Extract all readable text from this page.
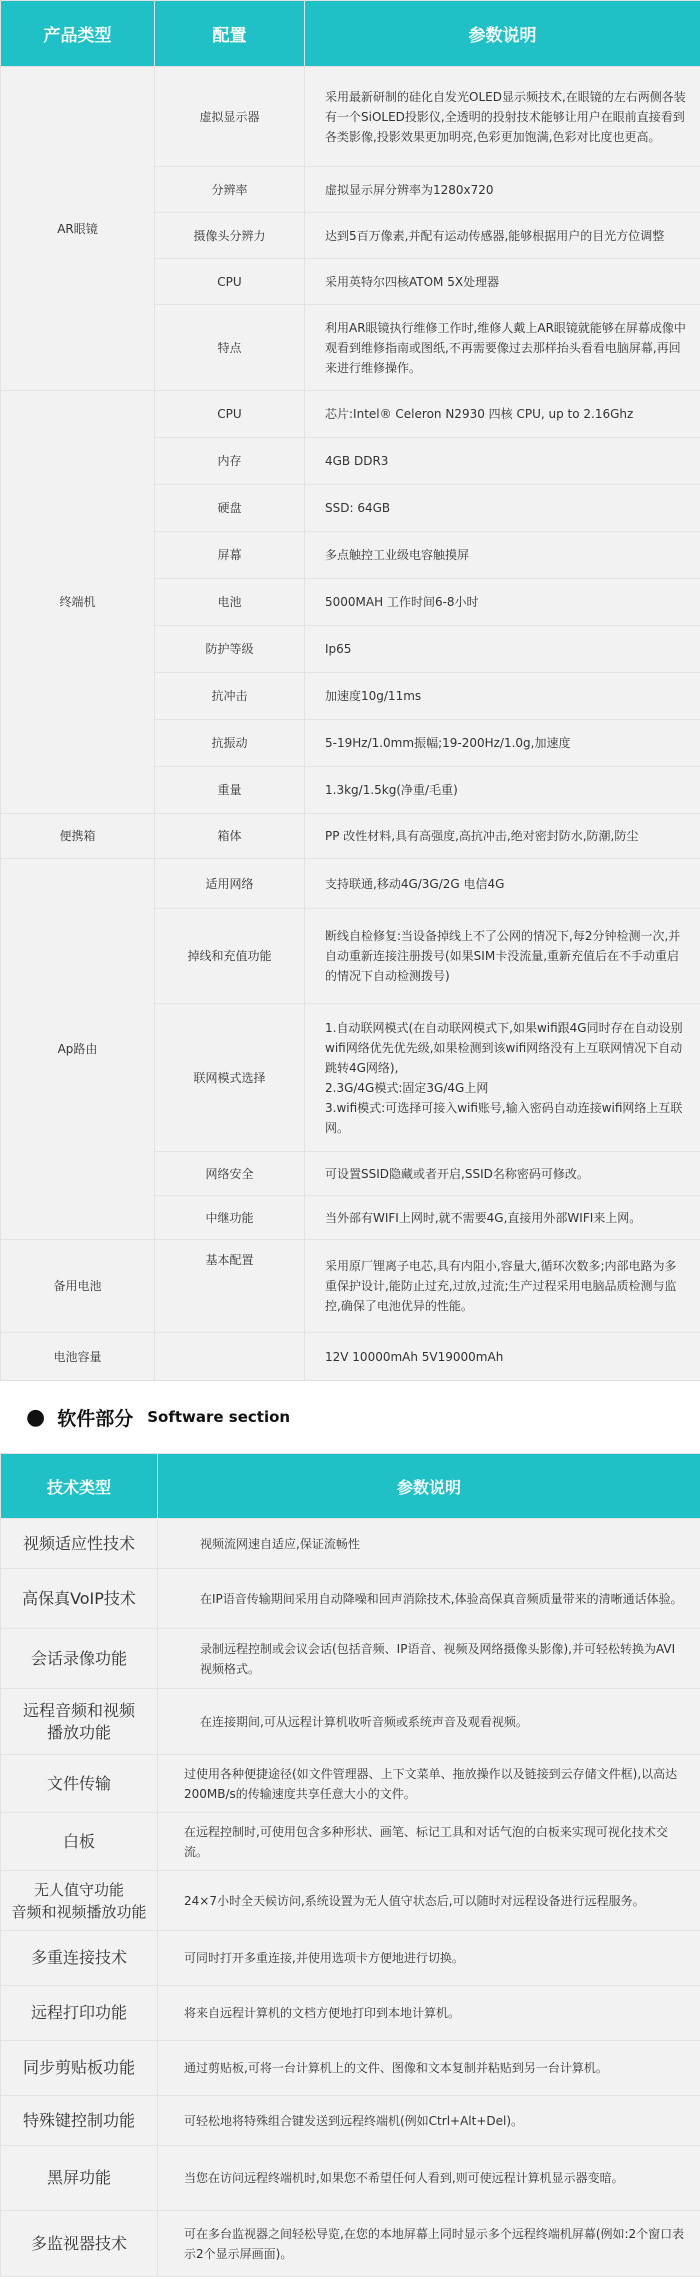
产品类型	配置	参数说明
AR眼镜	虚拟显示器	采用最新研制的硅化自发光OLED显示频技术,在眼镜的左右两侧各装有一个SiOLED投影仪,全透明的投射技术能够让用户在眼前直接看到各类影像,投影效果更加明亮,色彩更加饱满,色彩对比度也更高。
	分辨率	虚拟显示屏分辨率为1280x720
	摄像头分辨力	达到5百万像素,并配有运动传感器,能够根据用户的目光方位调整
	CPU	采用英特尔四核ATOM 5X处理器
	特点	利用AR眼镜执行维修工作时,维修人戴上AR眼镜就能够在屏幕成像中观看到维修指南或图纸,不再需要像过去那样抬头看看电脑屏幕,再回来进行维修操作。
终端机	CPU	芯片:Intel® Celeron N2930 四核 CPU, up to 2.16Ghz
	内存	4GB DDR3
	硬盘	SSD: 64GB
	屏幕	多点触控工业级电容触摸屏
	电池	5000MAH 工作时间6-8小时
	防护等级	Ip65
	抗冲击	加速度10g/11ms
	抗振动	5-19Hz/1.0mm振幅;19-200Hz/1.0g,加速度
	重量	1.3kg/1.5kg(净重/毛重)
便携箱	箱体	PP 改性材料,具有高强度,高抗冲击,绝对密封防水,防潮,防尘
Ap路由	适用网络	支持联通,移动4G/3G/2G 电信4G
	掉线和充值功能	断线自检修复:当设备掉线上不了公网的情况下,每2分钟检测一次,并自动重新连接注册拨号(如果SIM卡没流量,重新充值后在不手动重启的情况下自动检测拨号)
	联网模式选择	1.自动联网模式(在自动联网模式下,如果wifi跟4G同时存在自动设别wifi网络优先优先级,如果检测到该wifi网络没有上互联网情况下自动跳转4G网络),
2.3G/4G模式:固定3G/4G上网
3.wifi模式:可选择可接入wifi账号,输入密码自动连接wifi网络上互联网。
	网络安全	可设置SSID隐藏或者开启,SSID名称密码可修改。
	中继功能	当外部有WIFI上网时,就不需要4G,直接用外部WIFI来上网。
备用电池	基本配置	采用原厂锂离子电芯,具有内阻小,容量大,循环次数多;内部电路为多重保护设计,能防止过充,过放,过流;生产过程采用电脑品质检测与监控,确保了电池优异的性能。
电池容量		12V 10000mAh 5V19000mAh
● 软件部分 Software section
技术类型	参数说明
视频适应性技术	视频流网速自适应,保证流畅性
高保真VoIP技术	在IP语音传输期间采用自动降噪和回声消除技术,体验高保真音频质量带来的清晰通话体验。
会话录像功能	录制远程控制或会议会话(包括音频、IP语音、视频及网络摄像头影像),并可轻松转换为AVI视频格式。
远程音频和视频播放功能	在连接期间,可从远程计算机收听音频或系统声音及观看视频。
文件传输	过使用各种便捷途径(如文件管理器、上下文菜单、拖放操作以及链接到云存储文件框),以高达200MB/s的传输速度共享任意大小的文件。
白板	在远程控制时,可使用包含多种形状、画笔、标记工具和对话气泡的白板来实现可视化技术交流。
无人值守功能
音频和视频播放功能	24×7小时全天候访问,系统设置为无人值守状态后,可以随时对远程设备进行远程服务。
多重连接技术	可同时打开多重连接,并使用选项卡方便地进行切换。
远程打印功能	将来自远程计算机的文档方便地打印到本地计算机。
同步剪贴板功能	通过剪贴板,可将一台计算机上的文件、图像和文本复制并粘贴到另一台计算机。
特殊键控制功能	可轻松地将特殊组合键发送到远程终端机(例如Ctrl+Alt+Del)。
黑屏功能	当您在访问远程终端机时,如果您不希望任何人看到,则可使远程计算机显示器变暗。
多监视器技术	可在多台监视器之间轻松导览,在您的本地屏幕上同时显示多个远程终端机屏幕(例如:2个窗口表示2个显示屏画面)。
